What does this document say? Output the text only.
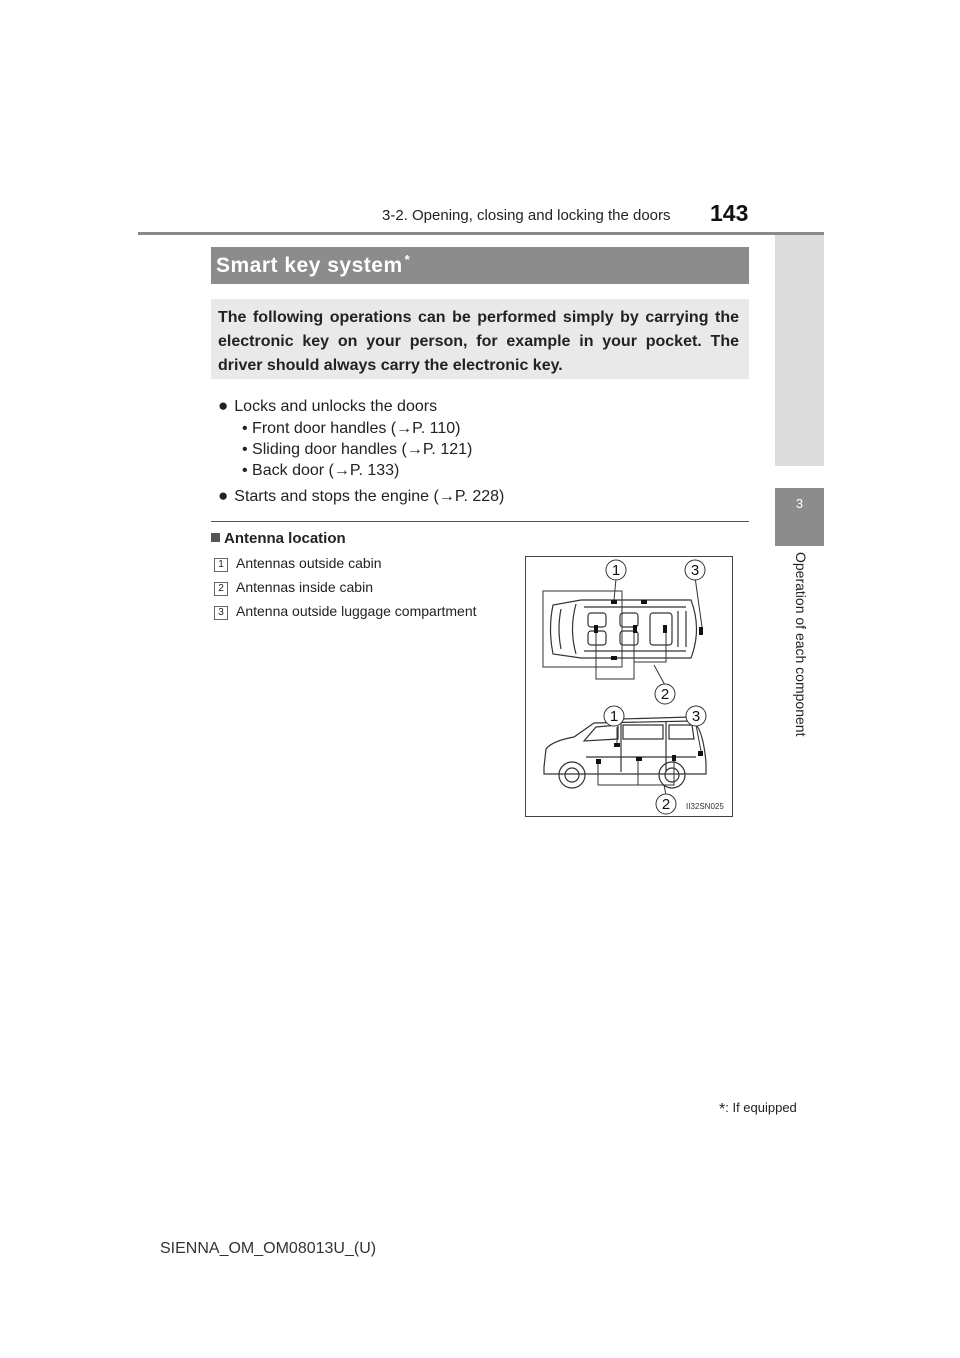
3-2. Opening, closing and locking the doors 143
3
Operation of each component
Smart key system *
The following operations can be performed simply by carrying the electronic key on your person, for example in your pocket. The driver should always carry the electronic key.
● Locks and unlocks the doors
• Front door handles (→P. 110)
• Sliding door handles (→P. 121)
• Back door (→P. 133)
● Starts and stops the engine (→P. 228)
Antenna location
1 Antennas outside cabin
2 Antennas inside cabin
3 Antenna outside luggage compartment
1	3
2
1	3
2 II32SN025
*: If equipped
SIENNA_OM_OM08013U_(U)
